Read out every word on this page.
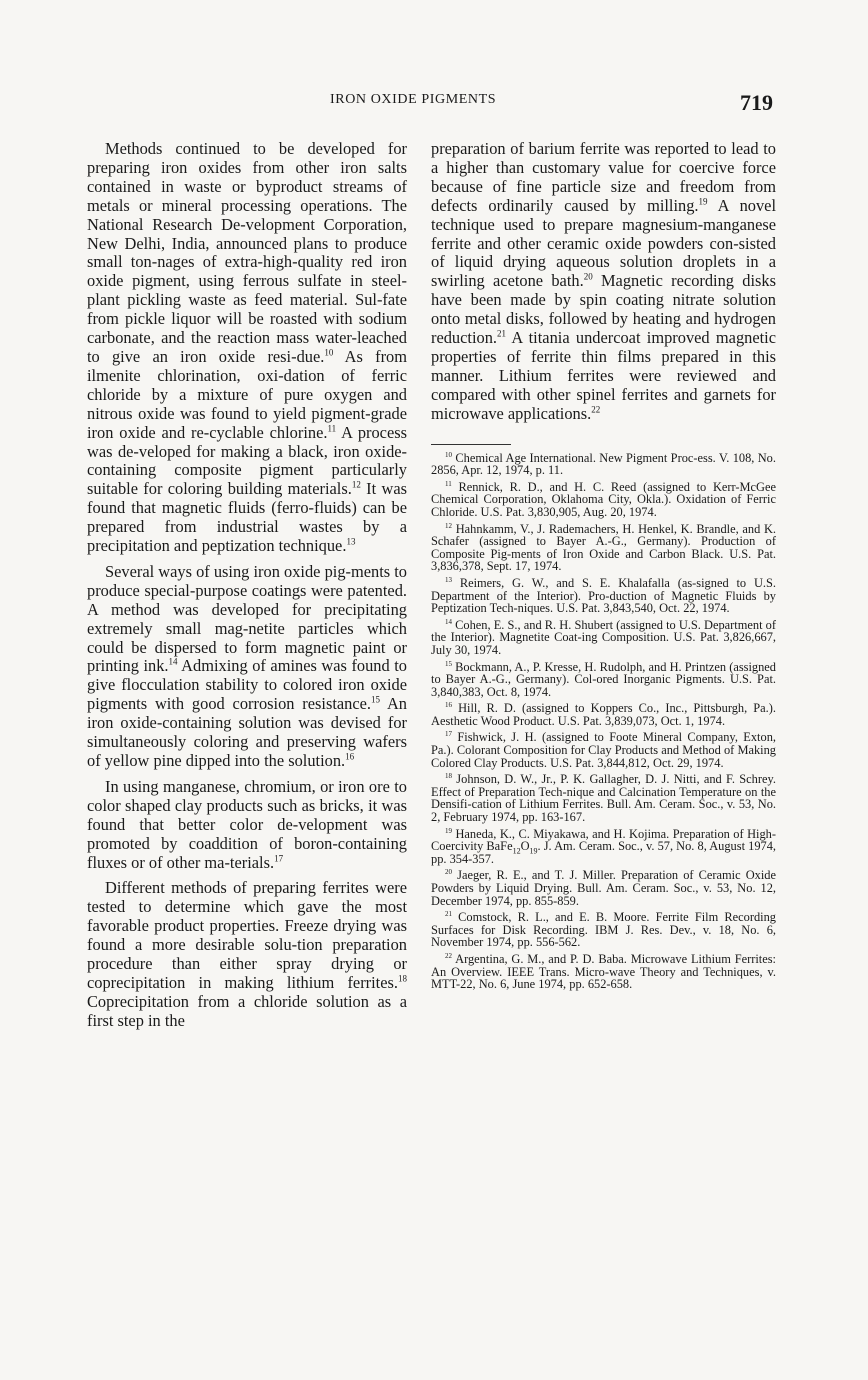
IRON OXIDE PIGMENTS	719

Methods continued to be developed for preparing iron oxides from other iron salts contained in waste or byproduct streams of metals or mineral processing operations. The National Research De-velopment Corporation, New Delhi, India, announced plans to produce small ton-nages of extra-high-quality red iron oxide pigment, using ferrous sulfate in steel-plant pickling waste as feed material. Sul-fate from pickle liquor will be roasted with sodium carbonate, and the reaction mass water-leached to give an iron oxide resi-due.$^{10}$ As from ilmenite chlorination, oxi-dation of ferric chloride by a mixture of pure oxygen and nitrous oxide was found to yield pigment-grade iron oxide and re-cyclable chlorine.$^{11}$ A process was de-veloped for making a black, iron oxide-containing composite pigment particularly suitable for coloring building materials.$^{12}$ It was found that magnetic fluids (ferro-fluids) can be prepared from industrial wastes by a precipitation and peptization technique.$^{13}$

Several ways of using iron oxide pig-ments to produce special-purpose coatings were patented. A method was developed for precipitating extremely small mag-netite particles which could be dispersed to form magnetic paint or printing ink.$^{14}$ Admixing of amines was found to give flocculation stability to colored iron oxide pigments with good corrosion resistance.$^{15}$ An iron oxide-containing solution was devised for simultaneously coloring and preserving wafers of yellow pine dipped into the solution.$^{16}$

In using manganese, chromium, or iron ore to color shaped clay products such as bricks, it was found that better color de-velopment was promoted by coaddition of boron-containing fluxes or of other ma-terials.$^{17}$

Different methods of preparing ferrites were tested to determine which gave the most favorable product properties. Freeze drying was found a more desirable solu-tion preparation procedure than either spray drying or coprecipitation in making lithium ferrites.$^{18}$ Coprecipitation from a chloride solution as a first step in the

preparation of barium ferrite was reported to lead to a higher than customary value for coercive force because of fine particle size and freedom from defects ordinarily caused by milling.$^{19}$ A novel technique used to prepare magnesium-manganese ferrite and other ceramic oxide powders con-sisted of liquid drying aqueous solution droplets in a swirling acetone bath.$^{20}$ Magnetic recording disks have been made by spin coating nitrate solution onto metal disks, followed by heating and hydrogen reduction.$^{21}$ A titania undercoat improved magnetic properties of ferrite thin films prepared in this manner. Lithium ferrites were reviewed and compared with other spinel ferrites and garnets for microwave applications.$^{22}$

$^{10}$ Chemical Age International. New Pigment Proc-ess. V. 108, No. 2856, Apr. 12, 1974, p. 11.
$^{11}$ Rennick, R. D., and H. C. Reed (assigned to Kerr-McGee Chemical Corporation, Oklahoma City, Okla.). Oxidation of Ferric Chloride. U.S. Pat. 3,830,905, Aug. 20, 1974.
$^{12}$ Hahnkamm, V., J. Rademachers, H. Henkel, K. Brandle, and K. Schafer (assigned to Bayer A.-G., Germany). Production of Composite Pig-ments of Iron Oxide and Carbon Black. U.S. Pat. 3,836,378, Sept. 17, 1974.
$^{13}$ Reimers, G. W., and S. E. Khalafalla (as-signed to U.S. Department of the Interior). Pro-duction of Magnetic Fluids by Peptization Tech-niques. U.S. Pat. 3,843,540, Oct. 22, 1974.
$^{14}$ Cohen, E. S., and R. H. Shubert (assigned to U.S. Department of the Interior). Magnetite Coat-ing Composition. U.S. Pat. 3,826,667, July 30, 1974.
$^{15}$ Bockmann, A., P. Kresse, H. Rudolph, and H. Printzen (assigned to Bayer A.-G., Germany). Col-ored Inorganic Pigments. U.S. Pat. 3,840,383, Oct. 8, 1974.
$^{16}$ Hill, R. D. (assigned to Koppers Co., Inc., Pittsburgh, Pa.). Aesthetic Wood Product. U.S. Pat. 3,839,073, Oct. 1, 1974.
$^{17}$ Fishwick, J. H. (assigned to Foote Mineral Company, Exton, Pa.). Colorant Composition for Clay Products and Method of Making Colored Clay Products. U.S. Pat. 3,844,812, Oct. 29, 1974.
$^{18}$ Johnson, D. W., Jr., P. K. Gallagher, D. J. Nitti, and F. Schrey. Effect of Preparation Tech-nique and Calcination Temperature on the Densifi-cation of Lithium Ferrites. Bull. Am. Ceram. Soc., v. 53, No. 2, February 1974, pp. 163-167.
$^{19}$ Haneda, K., C. Miyakawa, and H. Kojima. Preparation of High-Coercivity $BaFe_{12}O_{19}$. J. Am. Ceram. Soc., v. 57, No. 8, August 1974, pp. 354-357.
$^{20}$ Jaeger, R. E., and T. J. Miller. Preparation of Ceramic Oxide Powders by Liquid Drying. Bull. Am. Ceram. Soc., v. 53, No. 12, December 1974, pp. 855-859.
$^{21}$ Comstock, R. L., and E. B. Moore. Ferrite Film Recording Surfaces for Disk Recording. IBM J. Res. Dev., v. 18, No. 6, November 1974, pp. 556-562.
$^{22}$ Argentina, G. M., and P. D. Baba. Microwave Lithium Ferrites: An Overview. IEEE Trans. Micro-wave Theory and Techniques, v. MTT-22, No. 6, June 1974, pp. 652-658.
